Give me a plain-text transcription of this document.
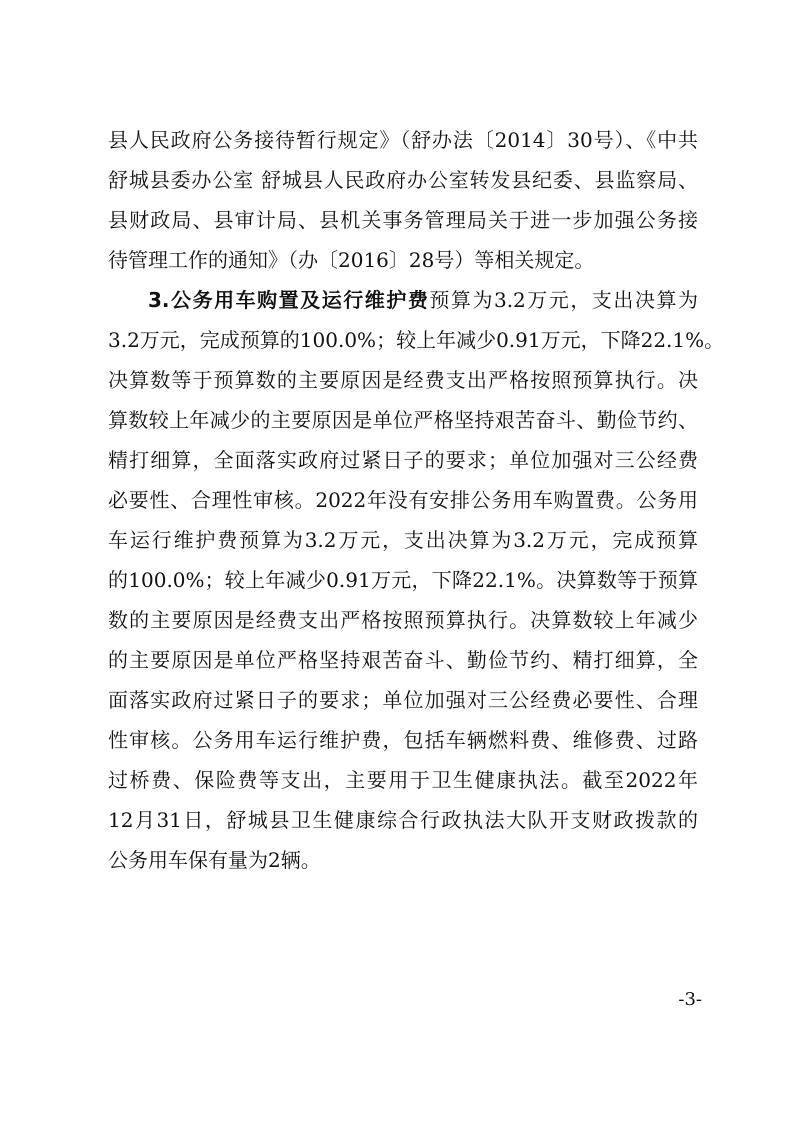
县人民政府公务接待暂行规定》（舒办法〔2014〕30号）、《中共
舒城县委办公室 舒城县人民政府办公室转发县纪委、县监察局、
县财政局、县审计局、县机关事务管理局关于进一步加强公务接
待管理工作的通知》（办〔2016〕28号）等相关规定。
3.公务用车购置及运行维护费预算为3.2万元，支出决算为
3.2万元，完成预算的100.0%；较上年减少0.91万元，下降22.1%。
决算数等于预算数的主要原因是经费支出严格按照预算执行。决
算数较上年减少的主要原因是单位严格坚持艰苦奋斗、勤俭节约、
精打细算，全面落实政府过紧日子的要求；单位加强对三公经费
必要性、合理性审核。2022年没有安排公务用车购置费。公务用
车运行维护费预算为3.2万元，支出决算为3.2万元，完成预算
的100.0%；较上年减少0.91万元，下降22.1%。决算数等于预算
数的主要原因是经费支出严格按照预算执行。决算数较上年减少
的主要原因是单位严格坚持艰苦奋斗、勤俭节约、精打细算，全
面落实政府过紧日子的要求；单位加强对三公经费必要性、合理
性审核。公务用车运行维护费，包括车辆燃料费、维修费、过路
过桥费、保险费等支出，主要用于卫生健康执法。截至2022年
12月31日，舒城县卫生健康综合行政执法大队开支财政拨款的
公务用车保有量为2辆。
-3-
